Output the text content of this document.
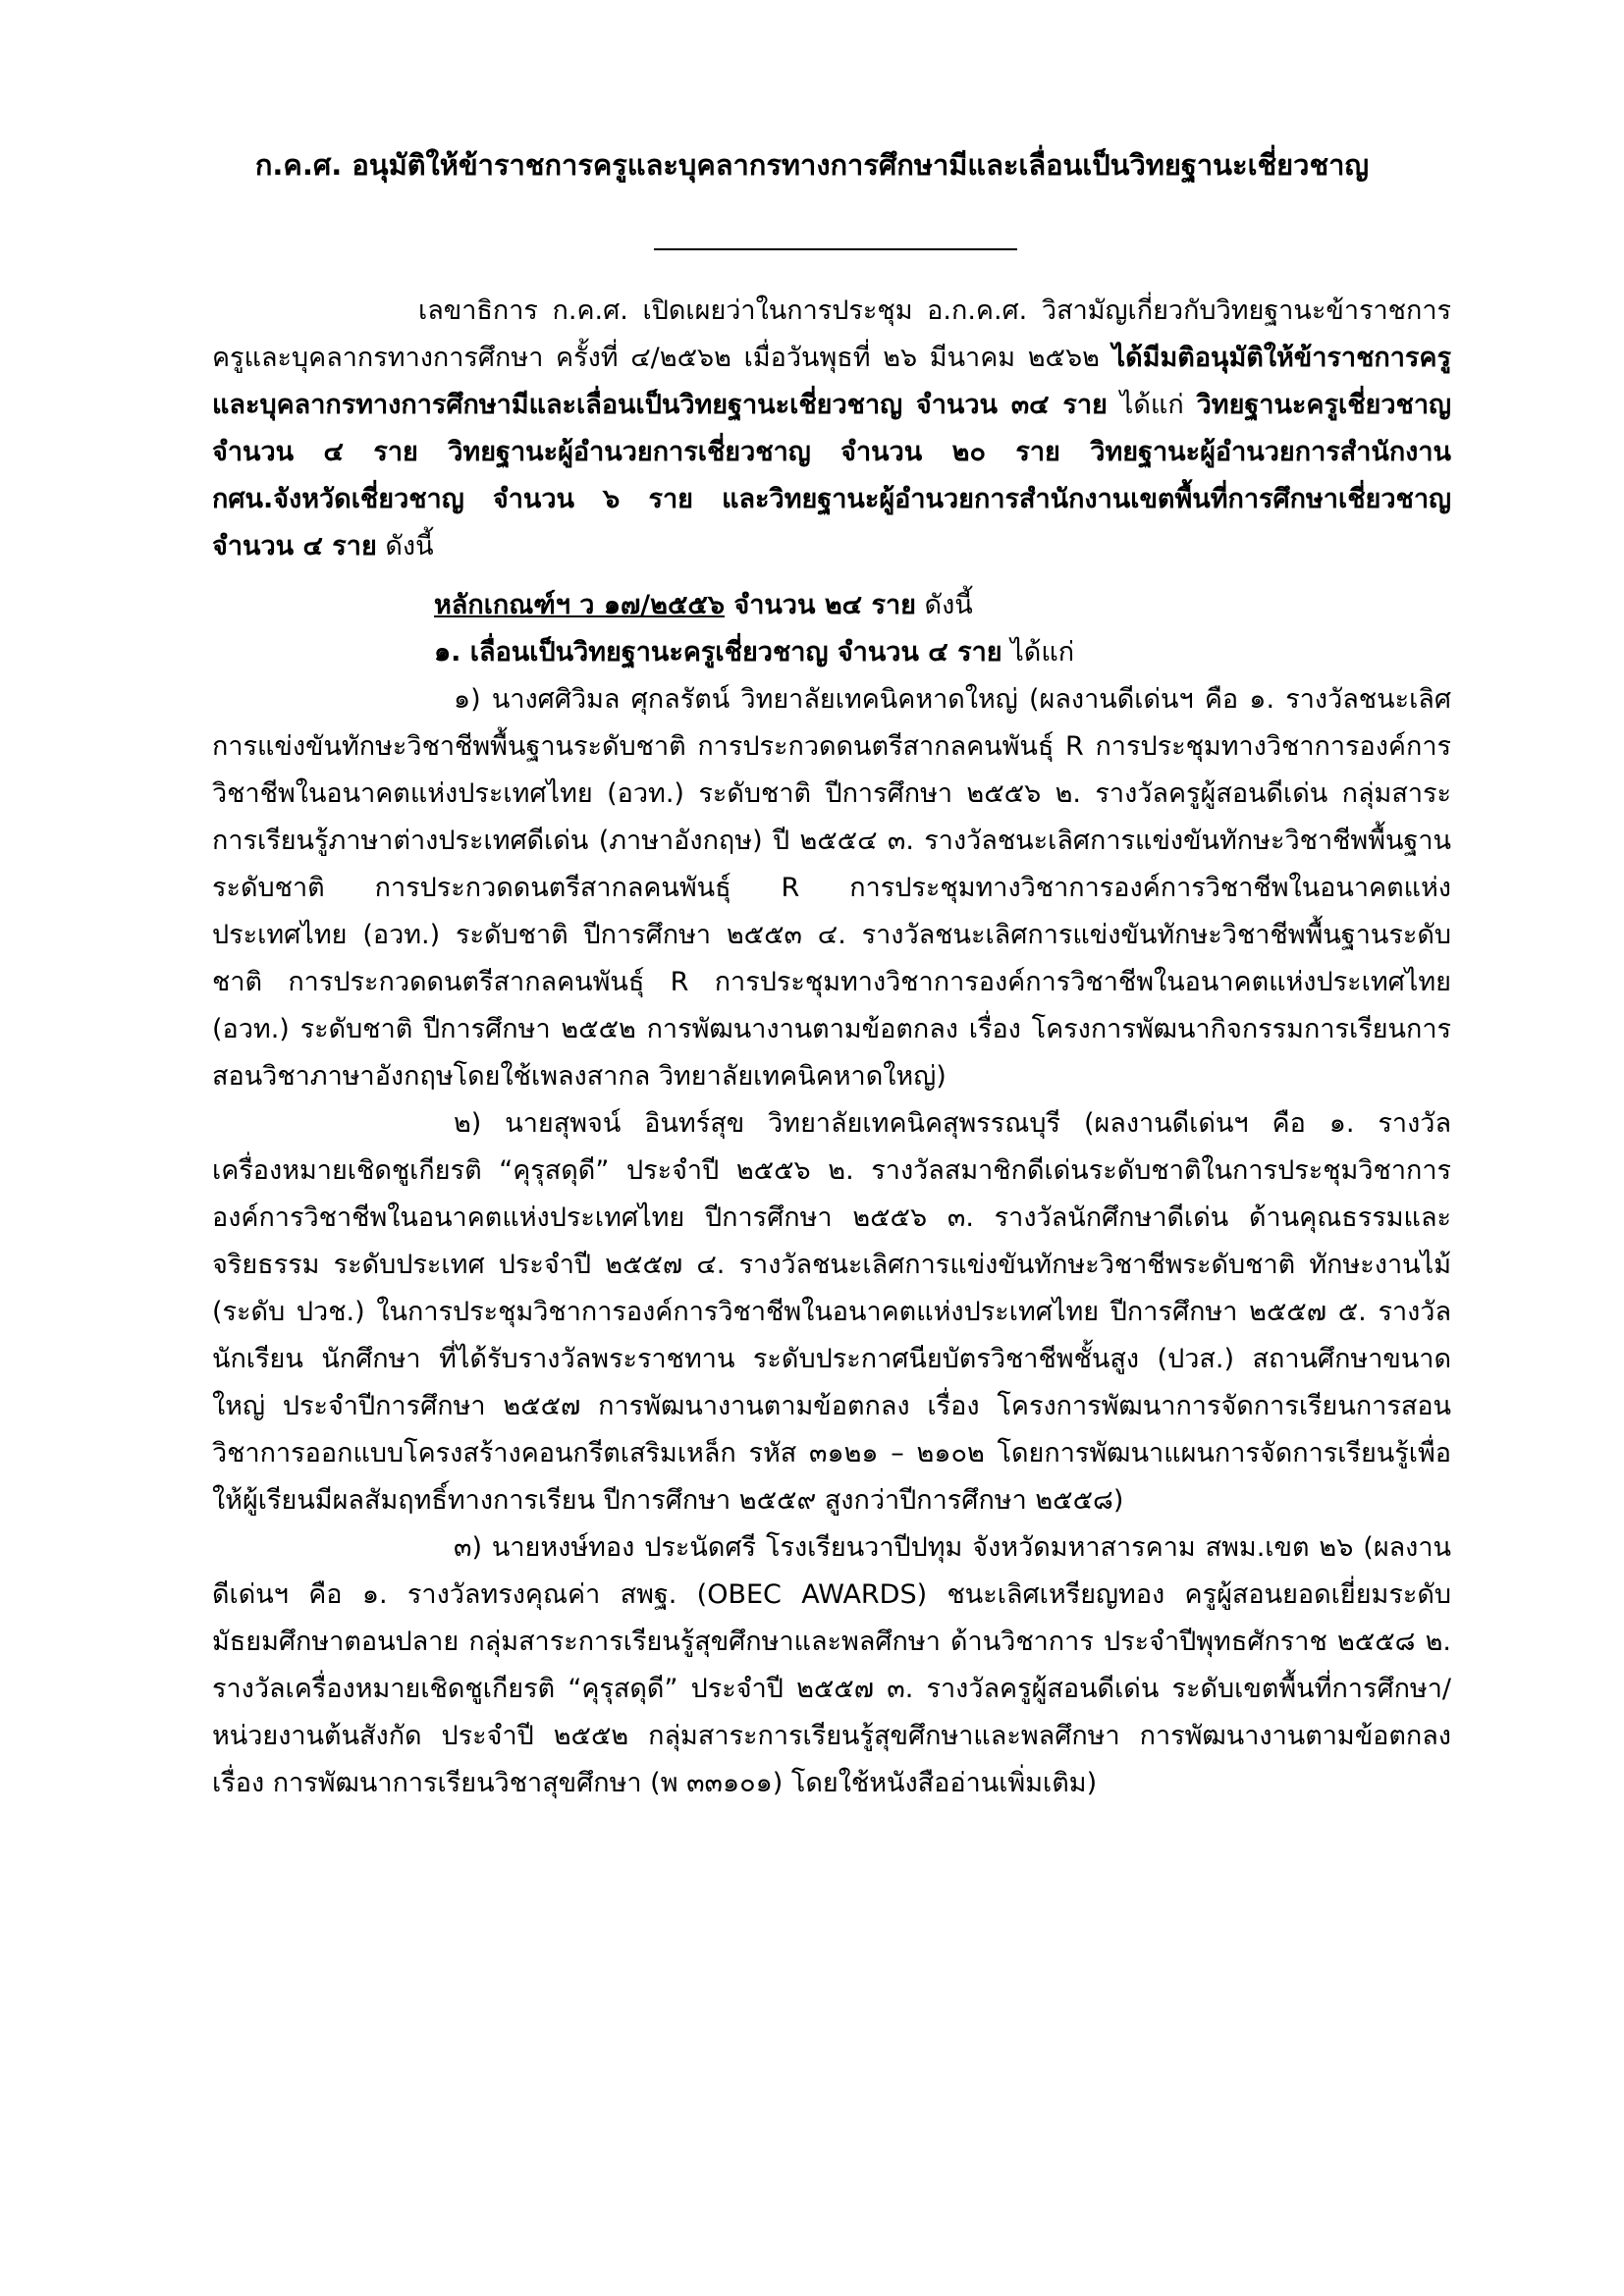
ก.ค.ศ. อนุมัติให้ข้าราชการครูและบุคลากรทางการศึกษามีและเลื่อนเป็นวิทยฐานะเชี่ยวชาญ

เลขาธิการ ก.ค.ศ. เปิดเผยว่าในการประชุม อ.ก.ค.ศ. วิสามัญเกี่ยวกับวิทยฐานะข้าราชการครูและบุคลากรทางการศึกษา ครั้งที่ ๔/๒๕๖๒ เมื่อวันพุธที่ ๒๖ มีนาคม ๒๕๖๒ ได้มีมติอนุมัติให้ข้าราชการครูและบุคลากรทางการศึกษามีและเลื่อนเป็นวิทยฐานะเชี่ยวชาญ จำนวน ๓๔ ราย ได้แก่ วิทยฐานะครูเชี่ยวชาญ จำนวน ๔ ราย วิทยฐานะผู้อำนวยการเชี่ยวชาญ จำนวน ๒๐ ราย วิทยฐานะผู้อำนวยการสำนักงาน กศน.จังหวัดเชี่ยวชาญ จำนวน ๖ ราย และวิทยฐานะผู้อำนวยการสำนักงานเขตพื้นที่การศึกษาเชี่ยวชาญ จำนวน ๔ ราย ดังนี้

หลักเกณฑ์ฯ ว ๑๗/๒๕๕๖ จำนวน ๒๔ ราย ดังนี้

๑. เลื่อนเป็นวิทยฐานะครูเชี่ยวชาญ จำนวน ๔ ราย ได้แก่

๑) นางศศิวิมล ศุกลรัตน์ วิทยาลัยเทคนิคหาดใหญ่ (ผลงานดีเด่นฯ คือ ๑. รางวัลชนะเลิศการแข่งขันทักษะวิชาชีพพื้นฐานระดับชาติ การประกวดดนตรีสากลคนพันธุ์ R การประชุมทางวิชาการองค์การวิชาชีพในอนาคตแห่งประเทศไทย (อวท.) ระดับชาติ ปีการศึกษา ๒๕๕๖ ๒. รางวัลครูผู้สอนดีเด่น กลุ่มสาระการเรียนรู้ภาษาต่างประเทศดีเด่น (ภาษาอังกฤษ) ปี ๒๕๕๔ ๓. รางวัลชนะเลิศการแข่งขันทักษะวิชาชีพพื้นฐานระดับชาติ การประกวดดนตรีสากลคนพันธุ์ R การประชุมทางวิชาการองค์การวิชาชีพในอนาคตแห่งประเทศไทย (อวท.) ระดับชาติ ปีการศึกษา ๒๕๕๓ ๔. รางวัลชนะเลิศการแข่งขันทักษะวิชาชีพพื้นฐานระดับชาติ การประกวดดนตรีสากลคนพันธุ์ R การประชุมทางวิชาการองค์การวิชาชีพในอนาคตแห่งประเทศไทย (อวท.) ระดับชาติ ปีการศึกษา ๒๕๕๒ การพัฒนางานตามข้อตกลง เรื่อง โครงการพัฒนากิจกรรมการเรียนการสอนวิชาภาษาอังกฤษโดยใช้เพลงสากล วิทยาลัยเทคนิคหาดใหญ่)

๒) นายสุพจน์ อินทร์สุข วิทยาลัยเทคนิคสุพรรณบุรี (ผลงานดีเด่นฯ คือ ๑. รางวัลเครื่องหมายเชิดชูเกียรติ “คุรุสดุดี” ประจำปี ๒๕๕๖ ๒. รางวัลสมาชิกดีเด่นระดับชาติในการประชุมวิชาการองค์การวิชาชีพในอนาคตแห่งประเทศไทย ปีการศึกษา ๒๕๕๖ ๓. รางวัลนักศึกษาดีเด่น ด้านคุณธรรมและจริยธรรม ระดับประเทศ ประจำปี ๒๕๕๗ ๔. รางวัลชนะเลิศการแข่งขันทักษะวิชาชีพระดับชาติ ทักษะงานไม้ (ระดับ ปวช.) ในการประชุมวิชาการองค์การวิชาชีพในอนาคตแห่งประเทศไทย ปีการศึกษา ๒๕๕๗ ๕. รางวัลนักเรียน นักศึกษา ที่ได้รับรางวัลพระราชทาน ระดับประกาศนียบัตรวิชาชีพชั้นสูง (ปวส.) สถานศึกษาขนาดใหญ่ ประจำปีการศึกษา ๒๕๕๗ การพัฒนางานตามข้อตกลง เรื่อง โครงการพัฒนาการจัดการเรียนการสอน วิชาการออกแบบโครงสร้างคอนกรีตเสริมเหล็ก รหัส ๓๑๒๑ – ๒๑๐๒ โดยการพัฒนาแผนการจัดการเรียนรู้เพื่อให้ผู้เรียนมีผลสัมฤทธิ์ทางการเรียน ปีการศึกษา ๒๕๕๙ สูงกว่าปีการศึกษา ๒๕๕๘)

๓) นายหงษ์ทอง ประนัดศรี โรงเรียนวาปีปทุม จังหวัดมหาสารคาม สพม.เขต ๒๖ (ผลงานดีเด่นฯ คือ ๑. รางวัลทรงคุณค่า สพฐ. (OBEC AWARDS) ชนะเลิศเหรียญทอง ครูผู้สอนยอดเยี่ยมระดับมัธยมศึกษาตอนปลาย กลุ่มสาระการเรียนรู้สุขศึกษาและพลศึกษา ด้านวิชาการ ประจำปีพุทธศักราช ๒๕๕๘ ๒. รางวัลเครื่องหมายเชิดชูเกียรติ “คุรุสดุดี” ประจำปี ๒๕๕๗ ๓. รางวัลครูผู้สอนดีเด่น ระดับเขตพื้นที่การศึกษา/หน่วยงานต้นสังกัด ประจำปี ๒๕๕๒ กลุ่มสาระการเรียนรู้สุขศึกษาและพลศึกษา การพัฒนางานตามข้อตกลง เรื่อง การพัฒนาการเรียนวิชาสุขศึกษา (พ ๓๓๑๐๑) โดยใช้หนังสืออ่านเพิ่มเติม)
